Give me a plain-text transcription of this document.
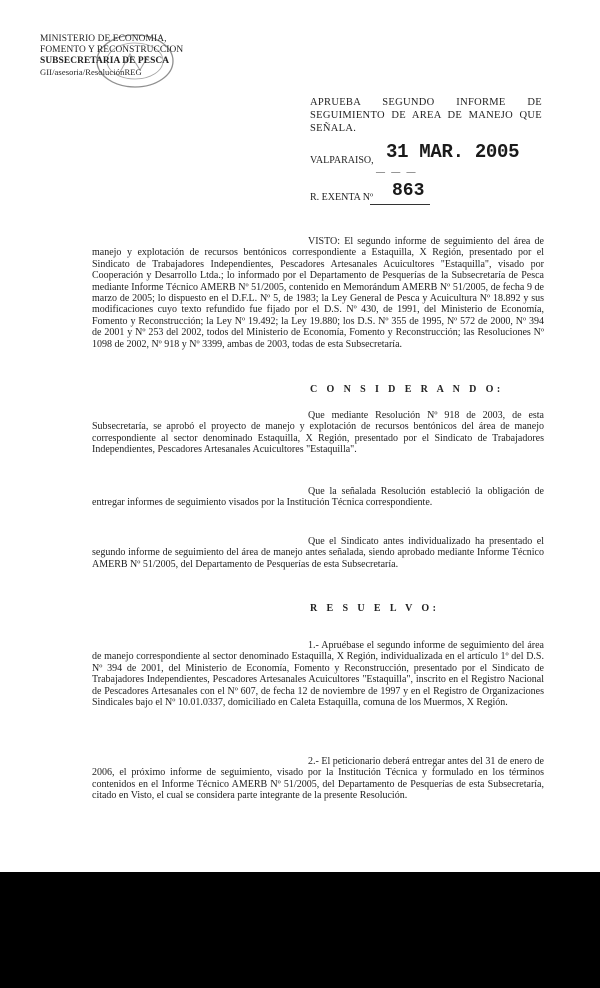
MINISTERIO DE ECONOMIA,
FOMENTO Y RECONSTRUCCION
SUBSECRETARIA DE PESCA
GII/asesoria/ResoluciónREG
APRUEBA SEGUNDO INFORME DE SEGUIMIENTO DE AREA DE MANEJO QUE SEÑALA.
VALPARAISO, 31 MAR. 2005
— — —
R. EXENTA Nº 863
VISTO: El segundo informe de seguimiento del área de manejo y explotación de recursos bentónicos correspondiente a Estaquilla, X Región, presentado por el Sindicato de Trabajadores Independientes, Pescadores Artesanales Acuicultores "Estaquilla", visado por Cooperación y Desarrollo Ltda.; lo informado por el Departamento de Pesquerías de la Subsecretaría de Pesca mediante Informe Técnico AMERB Nº 51/2005, contenido en Memorándum AMERB Nº 51/2005, de fecha 9 de marzo de 2005; lo dispuesto en el D.F.L. Nº 5, de 1983; la Ley General de Pesca y Acuicultura Nº 18.892 y sus modificaciones cuyo texto refundido fue fijado por el D.S. Nº 430, de 1991, del Ministerio de Economía, Fomento y Reconstrucción; la Ley Nº 19.492; la Ley 19.880; los D.S. Nº 355 de 1995, Nº 572 de 2000, Nº 394 de 2001 y Nº 253 del 2002, todos del Ministerio de Economía, Fomento y Reconstrucción; las Resoluciones Nº 1098 de 2002, Nº 918 y Nº 3399, ambas de 2003, todas de esta Subsecretaría.
C O N S I D E R A N D O:
Que mediante Resolución Nº 918 de 2003, de esta Subsecretaría, se aprobó el proyecto de manejo y explotación de recursos bentónicos del área de manejo correspondiente al sector denominado Estaquilla, X Región, presentado por el Sindicato de Trabajadores Independientes, Pescadores Artesanales Acuicultores "Estaquilla".
Que la señalada Resolución estableció la obligación de entregar informes de seguimiento visados por la Institución Técnica correspondiente.
Que el Sindicato antes individualizado ha presentado el segundo informe de seguimiento del área de manejo antes señalada, siendo aprobado mediante Informe Técnico AMERB Nº 51/2005, del Departamento de Pesquerías de esta Subsecretaría.
R E S U E L V O:
1.- Apruébase el segundo informe de seguimiento del área de manejo correspondiente al sector denominado Estaquilla, X Región, individualizada en el artículo 1º del D.S. Nº 394 de 2001, del Ministerio de Economía, Fomento y Reconstrucción, presentado por el Sindicato de Trabajadores Independientes, Pescadores Artesanales Acuicultores "Estaquilla", inscrito en el Registro Nacional de Pescadores Artesanales con el Nº 607, de fecha 12 de noviembre de 1997 y en el Registro de Organizaciones Sindicales bajo el Nº 10.01.0337, domiciliado en Caleta Estaquilla, comuna de los Muermos, X Región.
2.- El peticionario deberá entregar antes del 31 de enero de 2006, el próximo informe de seguimiento, visado por la Institución Técnica y formulado en los términos contenidos en el Informe Técnico AMERB Nº 51/2005, del Departamento de Pesquerías de esta Subsecretaría, citado en Visto, el cual se considera parte integrante de la presente Resolución.
